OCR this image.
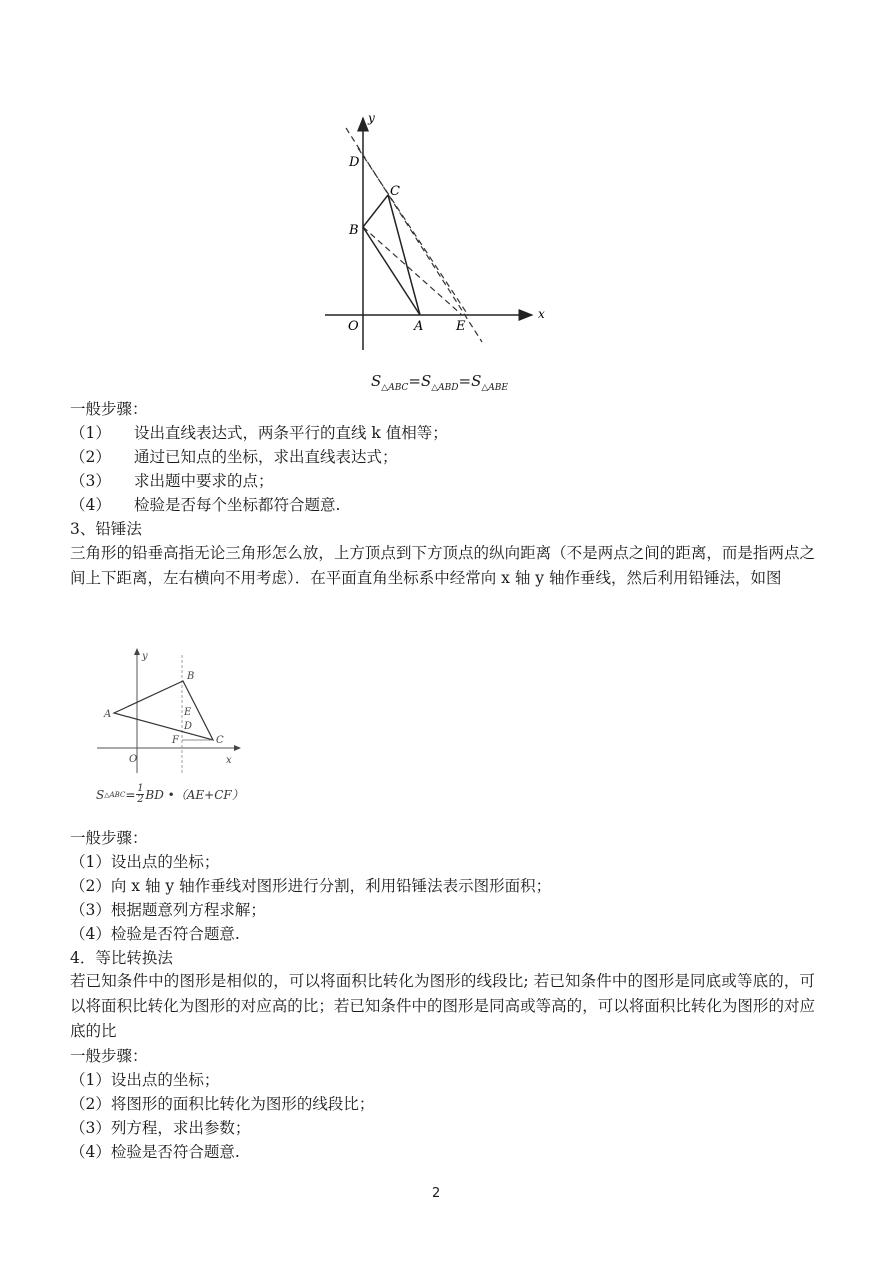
y
x
D
C
B
O	A	E
$S_{\triangle ABC}=S_{\triangle ABD}=S_{\triangle ABE}$
一般步骤：
（1） 设出直线表达式，两条平行的直线 k 值相等；
（2） 通过已知点的坐标，求出直线表达式；
（3） 求出题中要求的点；
（4） 检验是否每个坐标都符合题意.
3、铅锤法
三角形的铅垂高指无论三角形怎么放，上方顶点到下方顶点的纵向距离（不是两点之间的距离，而是指两点之间上下距离，左右横向不用考虑）．在平面直角坐标系中经常向 x 轴 y 轴作垂线，然后利用铅锤法，如图
y
x
A
B
C
E
D
F
O
S △ABC = 1
2 BD •（AE+CF）
一般步骤：
（1）设出点的坐标；
（2）向 x 轴 y 轴作垂线对图形进行分割，利用铅锤法表示图形面积；
（3）根据题意列方程求解；
（4）检验是否符合题意.
4．等比转换法
若已知条件中的图形是相似的，可以将面积比转化为图形的线段比; 若已知条件中的图形是同底或等底的，可以将面积比转化为图形的对应高的比；若已知条件中的图形是同高或等高的，可以将面积比转化为图形的对应底的比
一般步骤：
（1）设出点的坐标；
（2）将图形的面积比转化为图形的线段比；
（3）列方程，求出参数；
（4）检验是否符合题意.
2
